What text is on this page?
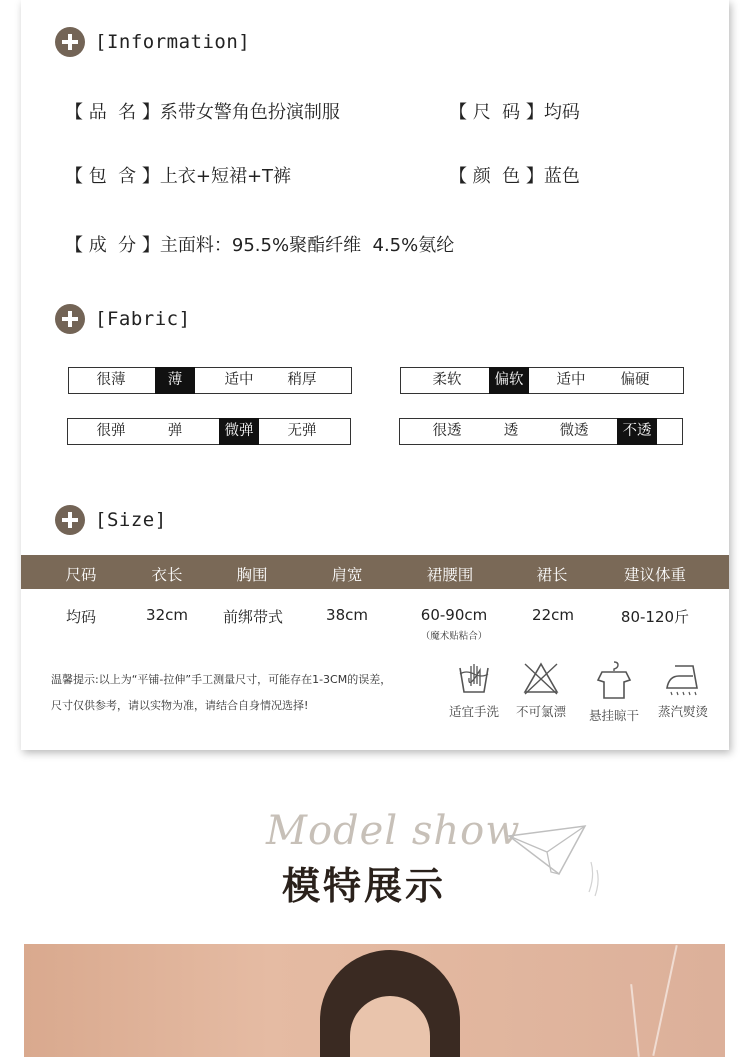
[Information]
【 品  名 】系带女警角色扮演制服	【 尺  码 】均码
【 包  含 】上衣+短裙+T裤	【 颜  色 】蓝色
【 成  分 】主面料：95.5%聚酯纤维  4.5%氨纶
[Fabric]
很薄	薄	适中	稍厚	柔软	偏软	适中	偏硬
很弹	弹	微弹	无弹	很透	透	微透	不透
[Size]
尺码	衣长	胸围	肩宽	裙腰围	裙长	建议体重
均码	32cm 前绑带式	38cm	60-90cm	22cm	80-120斤
（魔术贴粘合）
温馨提示:以上为“平铺-拉伸”手工测量尺寸，可能存在1-3CM的误差，
尺寸仅供参考，请以实物为准，请结合自身情况选择!	适宜手洗	不可氯漂	悬挂晾干	蒸汽熨烫
Model show
模特展示
